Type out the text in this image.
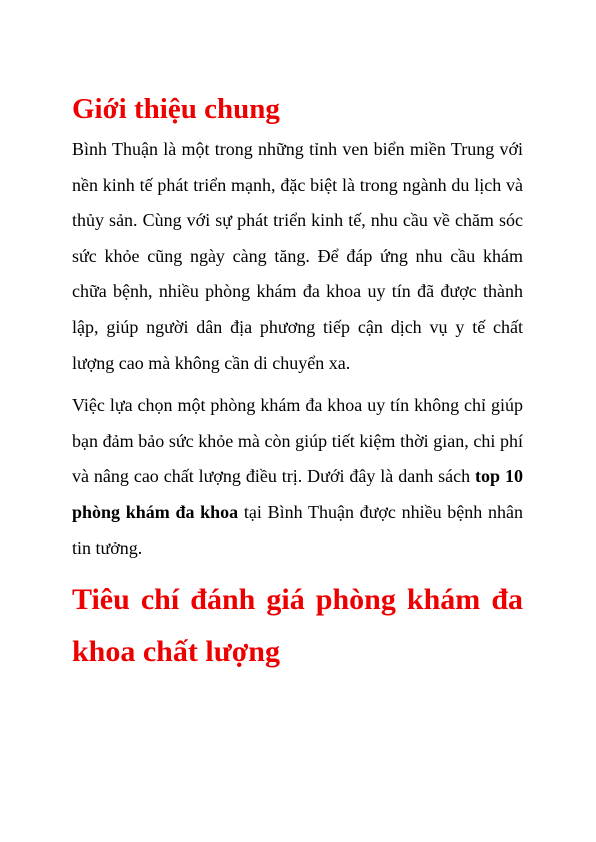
Giới thiệu chung

Bình Thuận là một trong những tỉnh ven biển miền Trung với nền kinh tế phát triển mạnh, đặc biệt là trong ngành du lịch và thủy sản. Cùng với sự phát triển kinh tế, nhu cầu về chăm sóc sức khỏe cũng ngày càng tăng. Để đáp ứng nhu cầu khám chữa bệnh, nhiều phòng khám đa khoa uy tín đã được thành lập, giúp người dân địa phương tiếp cận dịch vụ y tế chất lượng cao mà không cần di chuyển xa.

Việc lựa chọn một phòng khám đa khoa uy tín không chỉ giúp bạn đảm bảo sức khỏe mà còn giúp tiết kiệm thời gian, chi phí và nâng cao chất lượng điều trị. Dưới đây là danh sách top 10 phòng khám đa khoa tại Bình Thuận được nhiều bệnh nhân tin tưởng.

Tiêu chí đánh giá phòng khám đa khoa chất lượng
